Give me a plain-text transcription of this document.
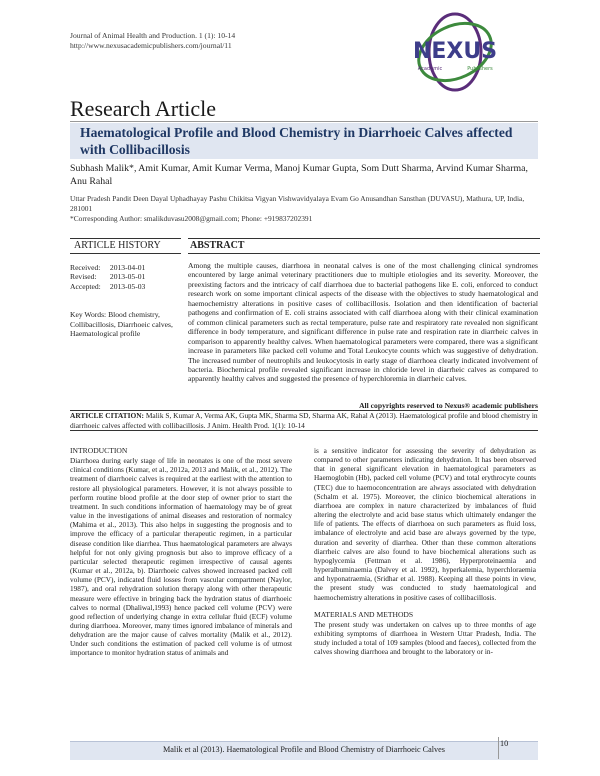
Journal of Animal Health and Production. 1 (1): 10-14
http://www.nexusacademicpublishers.com/journal/11	NEXUS
Academic	Publishers
Research Article
Haematological Profile and Blood Chemistry in Diarrhoeic Calves affected with Collibacillosis
Subhash Malik*, Amit Kumar, Amit Kumar Verma, Manoj Kumar Gupta, Som Dutt Sharma, Arvind Kumar Sharma, Anu Rahal
Uttar Pradesh Pandit Deen Dayal Uphadhayay Pashu Chikitsa Vigyan Vishwavidyalaya Evam Go Anusandhan Sansthan (DUVASU), Mathura, UP, India, 281001
*Corresponding Author: smalikduvasu2008@gmail.com; Phone: +919837202391
ARTICLE HISTORY	ABSTRACT
Received: 2013-04-01
Revised: 2013-05-01
Accepted: 2013-05-03
Key Words: Blood chemistry, Collibacillosis, Diarrhoeic calves, Haematological profile
Among the multiple causes, diarrhoea in neonatal calves is one of the most challenging clinical syndromes encountered by large animal veterinary practitioners due to multiple etiologies and its severity. Moreover, the preexisting factors and the intricacy of calf diarrhoea due to bacterial pathogens like E. coli, enforced to conduct research work on some important clinical aspects of the disease with the objectives to study haematological and haemochemistry alterations in positive cases of collibacillosis. Isolation and then identification of bacterial pathogens and confirmation of E. coli strains associated with calf diarrhoea along with their clinical examination of common clinical parameters such as rectal temperature, pulse rate and respiratory rate revealed non significant difference in body temperature, and significant difference in pulse rate and respiration rate in diarrheic calves in comparison to apparently healthy calves. When haematological parameters were compared, there was a significant increase in parameters like packed cell volume and Total Leukocyte counts which was suggestive of dehydration. The increased number of neutrophils and leukocytosis in early stage of diarrhoea clearly indicated involvement of bacteria. Biochemical profile revealed significant increase in chloride level in diarrheic calves as compared to apparently healthy calves and suggested the presence of hyperchloremia in diarrheic calves.
All copyrights reserved to Nexus® academic publishers
ARTICLE CITATION: Malik S, Kumar A, Verma AK, Gupta MK, Sharma SD, Sharma AK, Rahal A (2013). Haematological profile and blood chemistry in diarrhoeic calves affected with collibacillosis. J Anim. Health Prod. 1(1): 10-14
INTRODUCTION
Diarrhoea during early stage of life in neonates is one of the most severe clinical conditions (Kumar, et al., 2012a, 2013 and Malik, et al., 2012). The treatment of diarrhoeic calves is required at the earliest with the attention to restore all physiological parameters. However, it is not always possible to perform routine blood profile at the door step of owner prior to start the treatment. In such conditions information of haematology may be of great value in the investigations of animal diseases and restoration of normalcy (Mahima et al., 2013). This also helps in suggesting the prognosis and to improve the efficacy of a particular therapeutic regimen, in a particular disease condition like diarrhea. Thus haematological parameters are always helpful for not only giving prognosis but also to improve efficacy of a particular selected therapeutic regimen irrespective of causal agents (Kumar et al., 2012a, b). Diarrhoeic calves showed increased packed cell volume (PCV), indicated fluid losses from vascular compartment (Naylor, 1987), and oral rehydration solution therapy along with other therapeutic measure were effective in bringing back the hydration status of diarrhoeic calves to normal (Dhaliwal,1993) hence packed cell volume (PCV) were good reflection of underlying change in extra cellular fluid (ECF) volume during diarrhoea. Moreover, many times ignored imbalance of minerals and dehydration are the major cause of calves mortality (Malik et al., 2012). Under such conditions the estimation of packed cell volume is of utmost importance to monitor hydration status of animals and
is a sensitive indicator for assessing the severity of dehydration as compared to other parameters indicating dehydration. It has been observed that in general significant elevation in haematological parameters as Haemoglobin (Hb), packed cell volume (PCV) and total erythrocyte counts (TEC) due to haemoconcentration are always associated with dehydration (Schalm et al. 1975). Moreover, the clinico biochemical alterations in diarrhoea are complex in nature characterized by imbalances of fluid altering the electrolyte and acid base status which ultimately endanger the life of patients. The effects of diarrhoea on such parameters as fluid loss, imbalance of electrolyte and acid base are always governed by the type, duration and severity of diarrhea. Other than these common alterations diarrheic calves are also found to have biochemical alterations such as hypoglycemia (Fettman et al. 1986), Hyperproteinaemia and hyperalbuminaemia (Dalvey et al. 1992), hyperkalemia, hyperchloraemia and hyponatraemia, (Sridhar et al. 1988). Keeping all these points in view, the present study was conducted to study haematological and haemochemistry alterations in positive cases of collibacillosis.
MATERIALS AND METHODS
The present study was undertaken on calves up to three months of age exhibiting symptoms of diarrhoea in Western Uttar Pradesh, India. The study included a total of 109 samples (blood and faeces), collected from the calves showing diarrhoea and brought to the laboratory or in-
Malik et al (2013). Haematological Profile and Blood Chemistry of Diarrhoeic Calves
10
